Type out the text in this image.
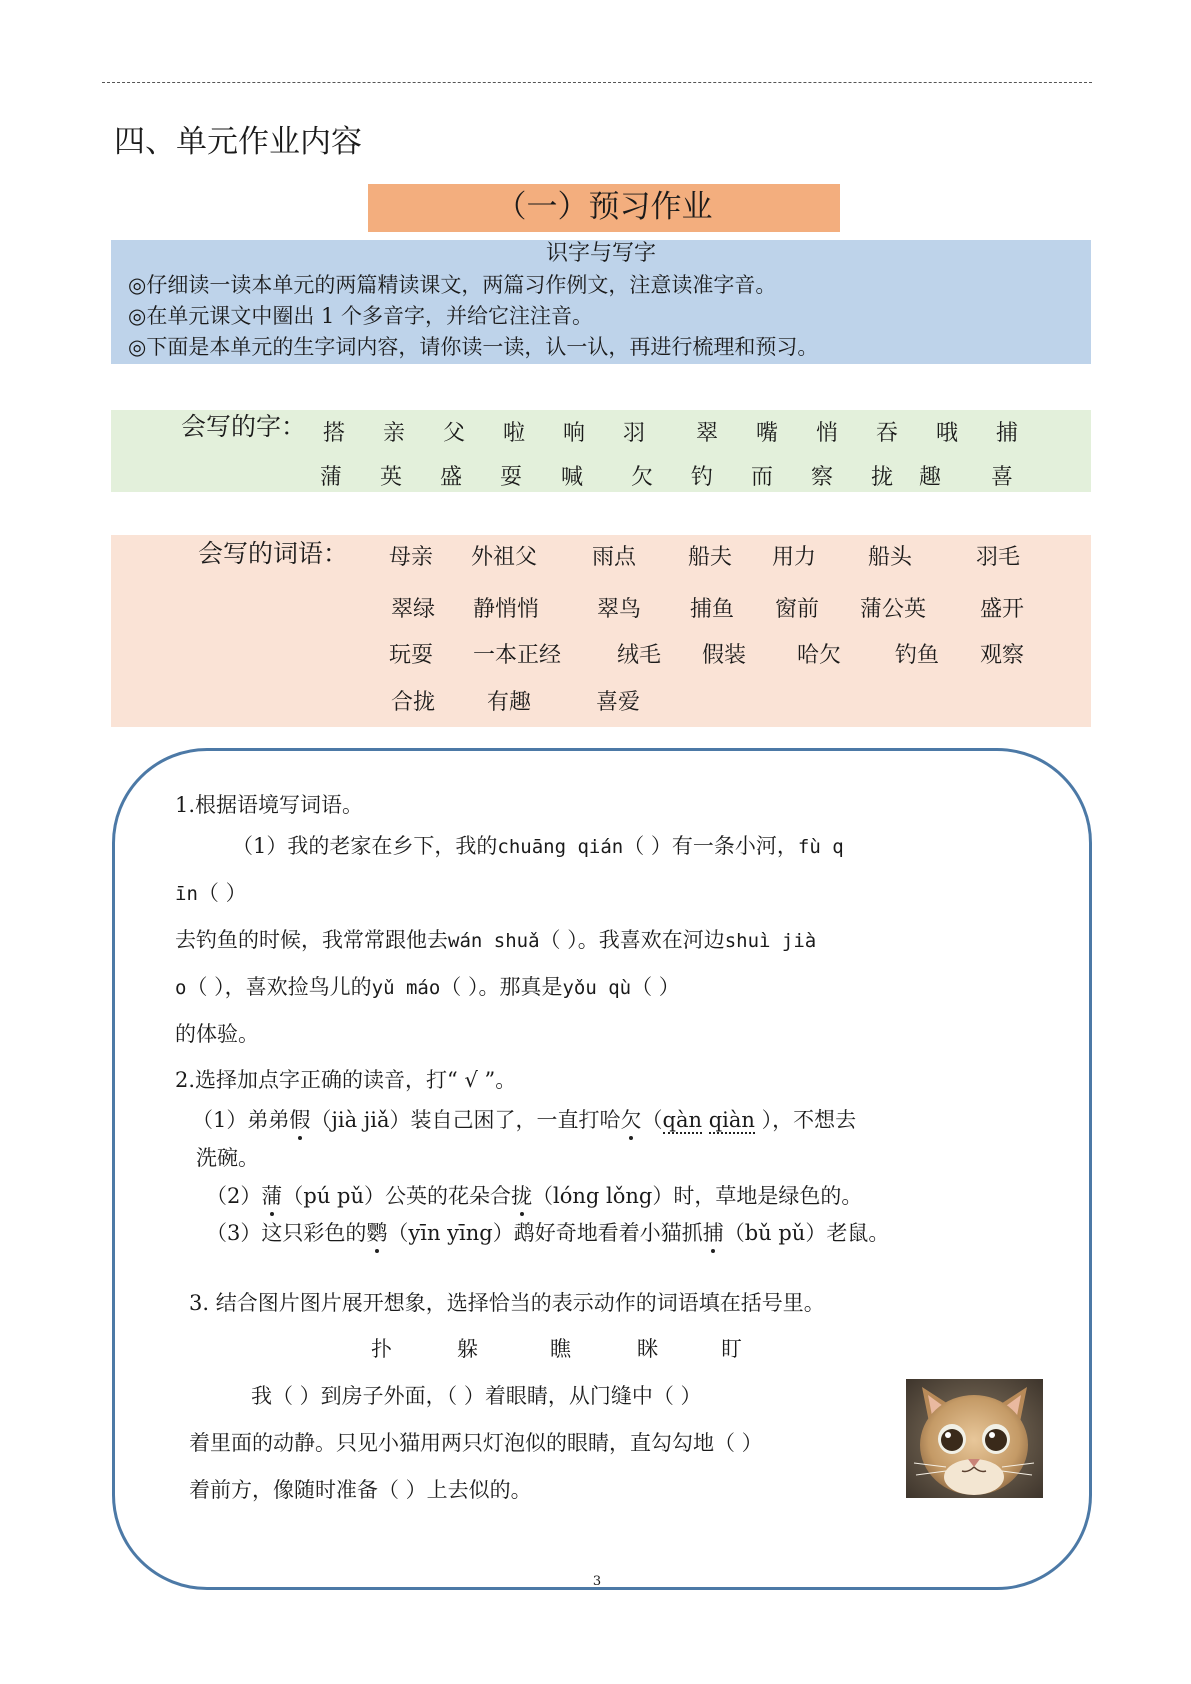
四、单元作业内容
（一）预习作业
识字与写字
◎仔细读一读本单元的两篇精读课文，两篇习作例文，注意读准字音。
◎在单元课文中圈出 1 个多音字，并给它注注音。
◎下面是本单元的生字词内容，请你读一读，认一认，再进行梳理和预习。
会写的字： 搭 亲 父 啦 响 羽 翠 嘴 悄 吞 哦 捕
蒲 英 盛 耍 喊 欠 钓 而 察 拢 趣 喜
会写的词语： 母亲 外祖父 雨点 船夫 用力 船头	羽毛
翠绿 静悄悄	翠鸟 捕鱼 窗前 蒲公英 盛开
玩耍 一本正经	绒毛 假装 哈欠 钓鱼 观察
合拢 有趣	喜爱
1.根据语境写词语。
（1）我的老家在乡下，我的chuāng qián（ ）有一条小河，fù q
īn（ ）
去钓鱼的时候，我常常跟他去wán shuǎ（ ）。我喜欢在河边shuì jià
o（ ），喜欢捡鸟儿的yǔ máo（ ）。那真是yǒu qù（ ）
的体验。
2.选择加点字正确的读音，打“ √ ”。
（1）弟弟假（jià jiǎ）装自己困了，一直打哈欠（qàn qiàn ），不想去
洗碗。
（2）蒲（pú pǔ）公英的花朵合拢（lóng lǒng）时，草地是绿色的。
（3）这只彩色的鹦（yīn yīng）鹉好奇地看着小猫抓捕（bǔ pǔ）老鼠。
3. 结合图片图片展开想象，选择恰当的表示动作的词语填在括号里。
扑	躲	瞧	眯	盯
我（ ）到房子外面，（ ）着眼睛，从门缝中（ ）
着里面的动静。只见小猫用两只灯泡似的眼睛，直勾勾地（ ）
着前方，像随时准备（ ）上去似的。
3
